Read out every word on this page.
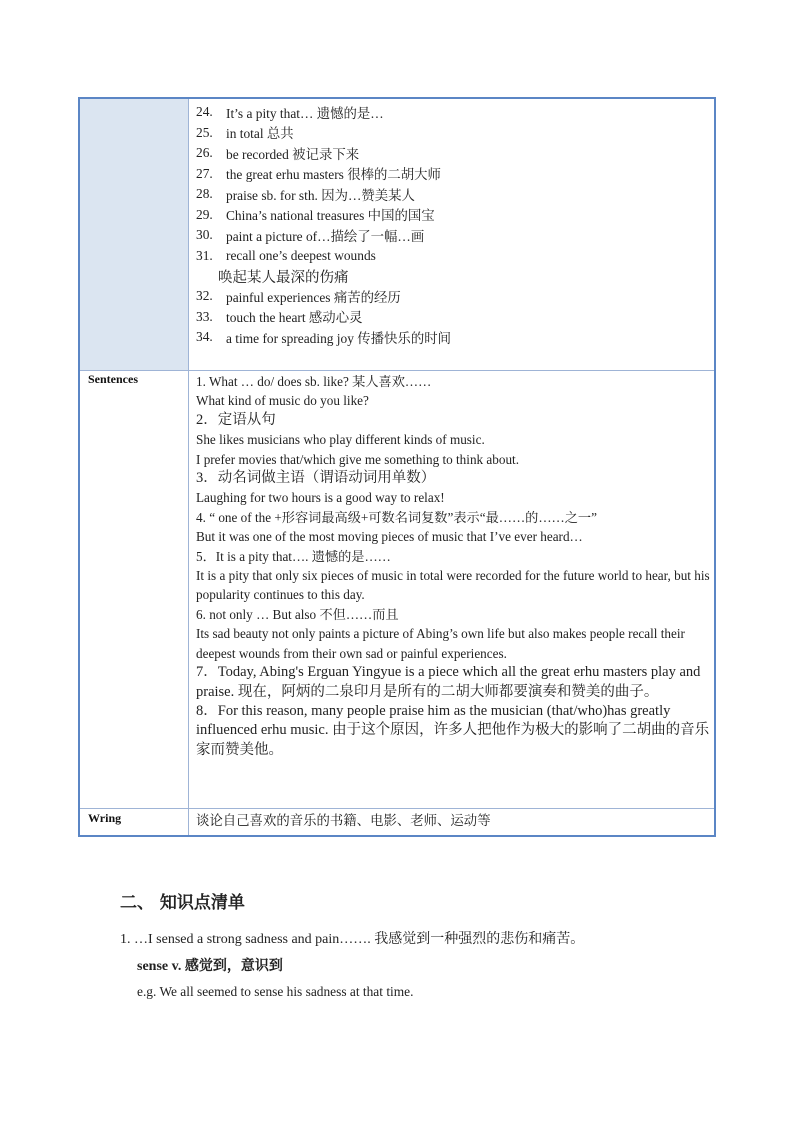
Sentences
Wring
24. It’s a pity that… 遗憾的是…
25. in total 总共
26. be recorded 被记录下来
27. the great erhu masters 很棒的二胡大师
28. praise sb. for sth. 因为…赞美某人
29. China’s national treasures 中国的国宝
30. paint a picture of…描绘了一幅…画
31. recall one’s deepest wounds
唤起某人最深的伤痛
32. painful experiences 痛苦的经历
33. touch the heart 感动心灵
34. a time for spreading joy 传播快乐的时间

1. What … do/ does sb. like? 某人喜欢……

What kind of music do you like?

2．定语从句

She likes musicians who play different kinds of music.

I prefer movies that/which give me something to think about.

3．动名词做主语（谓语动词用单数）

Laughing for two hours is a good way to relax!

4. “ one of the +形容词最高级+可数名词复数”表示“最……的……之一”

But it was one of the most moving pieces of music that I’ve ever heard…

5．It is a pity that…. 遗憾的是……

It is a pity that only six pieces of music in total were recorded for the future world to hear, but his popularity continues to this day.

6. not only … But also 不但……而且

Its sad beauty not only paints a picture of Abing’s own life but also makes people recall their deepest wounds from their own sad or painful experiences.

7．Today, Abing's Erguan Yingyue is a piece which all the great erhu masters play and praise. 现在，阿炳的二泉印月是所有的二胡大师都要演奏和赞美的曲子。

8．For this reason, many people praise him as the musician (that/who)has greatly influenced erhu music. 由于这个原因，许多人把他作为极大的影响了二胡曲的音乐家而赞美他。

谈论自己喜欢的音乐的书籍、电影、老师、运动等
二、 知识点清单
1. …I sensed a strong sadness and pain……. 我感觉到一种强烈的悲伤和痛苦。
sense v. 感觉到，意识到
e.g. We all seemed to sense his sadness at that time.
